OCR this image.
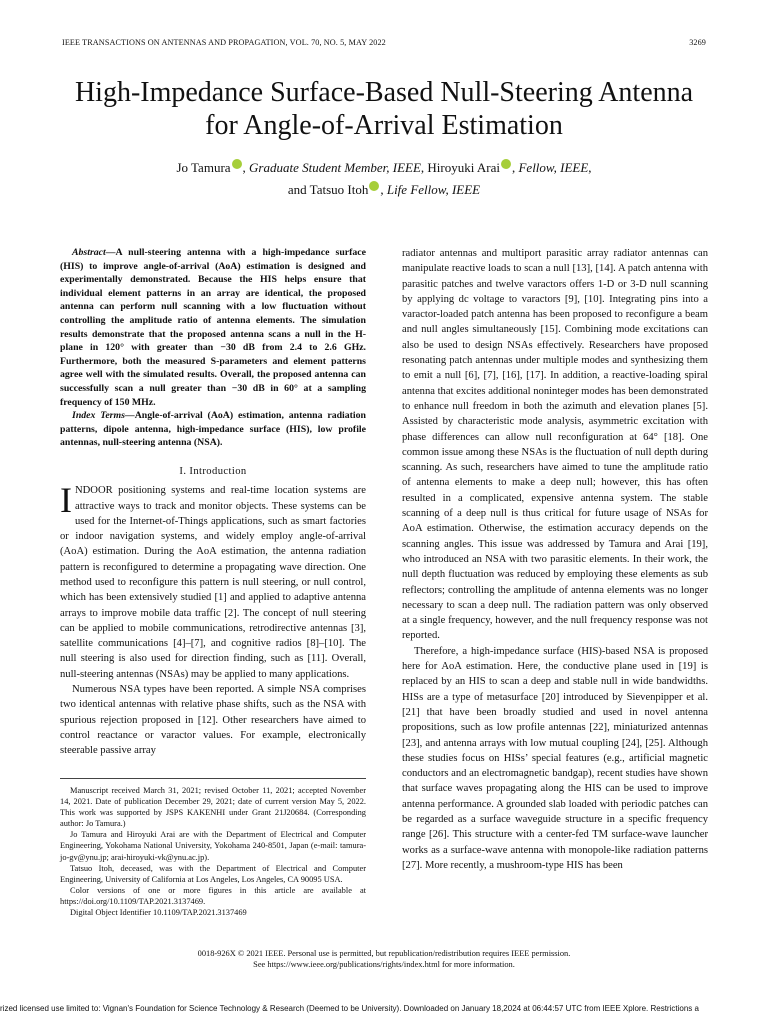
IEEE TRANSACTIONS ON ANTENNAS AND PROPAGATION, VOL. 70, NO. 5, MAY 2022	3269
High-Impedance Surface-Based Null-Steering Antenna for Angle-of-Arrival Estimation
Jo Tamura , Graduate Student Member, IEEE, Hiroyuki Arai , Fellow, IEEE,
and Tatsuo Itoh , Life Fellow, IEEE

Abstract—A null-steering antenna with a high-impedance surface (HIS) to improve angle-of-arrival (AoA) estimation is designed and experimentally demonstrated. Because the HIS helps ensure that individual element patterns in an array are identical, the proposed antenna can perform null scanning with a low fluctuation without controlling the amplitude ratio of antenna elements. The simulation results demonstrate that the proposed antenna scans a null in the H-plane in 120° with greater than −30 dB from 2.4 to 2.6 GHz. Furthermore, both the measured S-parameters and element patterns agree well with the simulated results. Overall, the proposed antenna can successfully scan a null greater than −30 dB in 60° at a sampling frequency of 150 MHz.

Index Terms—Angle-of-arrival (AoA) estimation, antenna radiation patterns, dipole antenna, high-impedance surface (HIS), low profile antennas, null-steering antenna (NSA).

I. Introduction

INDOOR positioning systems and real-time location systems are attractive ways to track and monitor objects. These systems can be used for the Internet-of-Things applications, such as smart factories or indoor navigation systems, and widely employ angle-of-arrival (AoA) estimation. During the AoA estimation, the antenna radiation pattern is reconfigured to determine a propagating wave direction. One method used to reconfigure this pattern is null steering, or null control, which has been extensively studied [1] and applied to adaptive antenna arrays to improve mobile data traffic [2]. The concept of null steering can be applied to mobile communications, retrodirective antennas [3], satellite communications [4]–[7], and cognitive radios [8]–[10]. The null steering is also used for direction finding, such as [11]. Overall, null-steering antennas (NSAs) may be applied to many applications.

Numerous NSA types have been reported. A simple NSA comprises two identical antennas with relative phase shifts, such as the NSA with spurious rejection proposed in [12]. Other researchers have aimed to control reactance or varactor values. For example, electronically steerable passive array

Manuscript received March 31, 2021; revised October 11, 2021; accepted November 14, 2021. Date of publication December 29, 2021; date of current version May 5, 2022. This work was supported by JSPS KAKENHI under Grant 21J20684. (Corresponding author: Jo Tamura.)

Jo Tamura and Hiroyuki Arai are with the Department of Electrical and Computer Engineering, Yokohama National University, Yokohama 240-8501, Japan (e-mail: tamura-jo-gv@ynu.jp; arai-hiroyuki-vk@ynu.ac.jp).

Tatsuo Itoh, deceased, was with the Department of Electrical and Computer Engineering, University of California at Los Angeles, Los Angeles, CA 90095 USA.

Color versions of one or more figures in this article are available at https://doi.org/10.1109/TAP.2021.3137469.

Digital Object Identifier 10.1109/TAP.2021.3137469

radiator antennas and multiport parasitic array radiator antennas can manipulate reactive loads to scan a null [13], [14]. A patch antenna with parasitic patches and twelve varactors offers 1-D or 3-D null scanning by applying dc voltage to varactors [9], [10]. Integrating pins into a varactor-loaded patch antenna has been proposed to reconfigure a beam and null angles simultaneously [15]. Combining mode excitations can also be used to design NSAs effectively. Researchers have proposed resonating patch antennas under multiple modes and synthesizing them to emit a null [6], [7], [16], [17]. In addition, a reactive-loading spiral antenna that excites additional noninteger modes has been demonstrated to enhance null freedom in both the azimuth and elevation planes [5]. Assisted by characteristic mode analysis, asymmetric excitation with phase differences can allow null reconfiguration at 64° [18]. One common issue among these NSAs is the fluctuation of null depth during scanning. As such, researchers have aimed to tune the amplitude ratio of antenna elements to make a deep null; however, this has often resulted in a complicated, expensive antenna system. The stable scanning of a deep null is thus critical for future usage of NSAs for AoA estimation. Otherwise, the estimation accuracy depends on the scanning angles. This issue was addressed by Tamura and Arai [19], who introduced an NSA with two parasitic elements. In their work, the null depth fluctuation was reduced by employing these elements as sub reflectors; controlling the amplitude of antenna elements was no longer necessary to scan a deep null. The radiation pattern was only observed at a single frequency, however, and the null frequency response was not reported.

Therefore, a high-impedance surface (HIS)-based NSA is proposed here for AoA estimation. Here, the conductive plane used in [19] is replaced by an HIS to scan a deep and stable null in wide bandwidths. HISs are a type of metasurface [20] introduced by Sievenpipper et al. [21] that have been broadly studied and used in novel antenna propositions, such as low profile antennas [22], miniaturized antennas [23], and antenna arrays with low mutual coupling [24], [25]. Although these studies focus on HISs’ special features (e.g., artificial magnetic conductors and an electromagnetic bandgap), recent studies have shown that surface waves propagating along the HIS can be used to improve antenna performance. A grounded slab loaded with periodic patches can be regarded as a surface waveguide structure in a specific frequency range [26]. This structure with a center-fed TM surface-wave launcher works as a surface-wave antenna with monopole-like radiation patterns [27]. More recently, a mushroom-type HIS has been

0018-926X © 2021 IEEE. Personal use is permitted, but republication/redistribution requires IEEE permission.
See https://www.ieee.org/publications/rights/index.html for more information.
rized licensed use limited to: Vignan's Foundation for Science Technology & Research (Deemed to be University). Downloaded on January 18,2024 at 06:44:57 UTC from IEEE Xplore. Restrictions a
